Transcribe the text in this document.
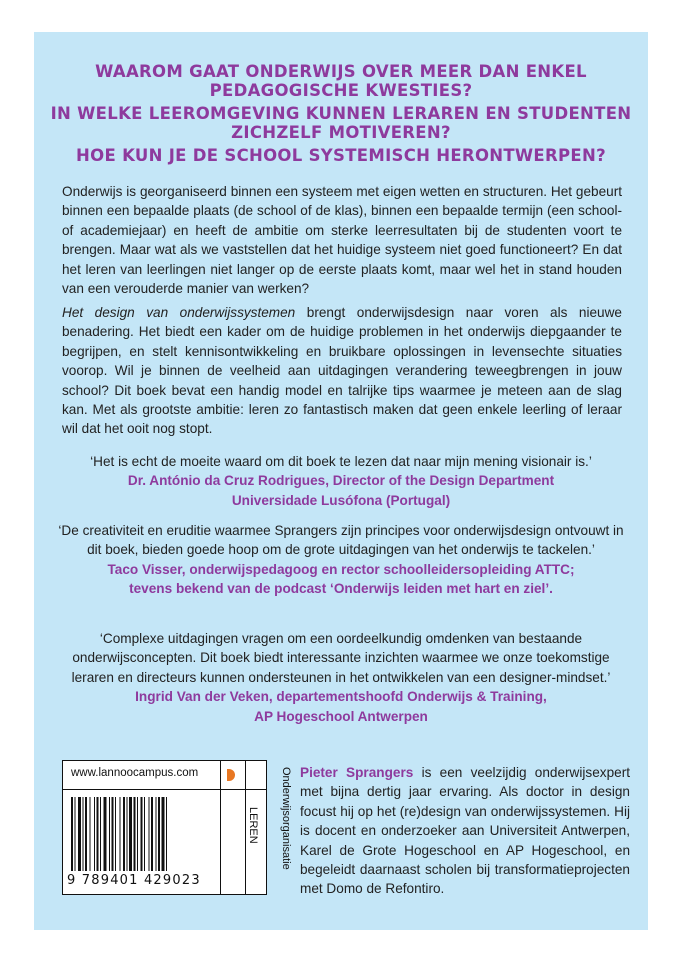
WAAROM GAAT ONDERWIJS OVER MEER DAN ENKEL PEDAGOGISCHE KWESTIES?
IN WELKE LEEROMGEVING KUNNEN LERAREN EN STUDENTEN ZICHZELF MOTIVEREN?
HOE KUN JE DE SCHOOL SYSTEMISCH HERONTWERPEN?

Onderwijs is georganiseerd binnen een systeem met eigen wetten en structuren. Het gebeurt binnen een bepaalde plaats (de school of de klas), binnen een bepaalde termijn (een school- of academiejaar) en heeft de ambitie om sterke leerresultaten bij de studenten voort te brengen. Maar wat als we vaststellen dat het huidige systeem niet goed functioneert? En dat het leren van leerlingen niet langer op de eerste plaats komt, maar wel het in stand houden van een verouderde manier van werken?

Het design van onderwijssystemen brengt onderwijsdesign naar voren als nieuwe benadering. Het biedt een kader om de huidige problemen in het onderwijs diepgaander te begrijpen, en stelt kennisontwikkeling en bruikbare oplossingen in levensechte situaties voorop. Wil je binnen de veelheid aan uitdagingen verandering teweegbrengen in jouw school? Dit boek bevat een handig model en talrijke tips waarmee je meteen aan de slag kan. Met als grootste ambitie: leren zo fantastisch maken dat geen enkele leerling of leraar wil dat het ooit nog stopt.

‘Het is echt de moeite waard om dit boek te lezen dat naar mijn mening visionair is.’
Dr. António da Cruz Rodrigues, Director of the Design Department
Universidade Lusófona (Portugal)
‘De creativiteit en eruditie waarmee Sprangers zijn principes voor onderwijsdesign ontvouwt in dit boek, bieden goede hoop om de grote uitdagingen van het onderwijs te tackelen.’
Taco Visser, onderwijspedagoog en rector schoolleidersopleiding ATTC;
tevens bekend van de podcast ‘Onderwijs leiden met hart en ziel’.
‘Complexe uitdagingen vragen om een oordeelkundig omdenken van bestaande onderwijsconcepten. Dit boek biedt interessante inzichten waarmee we onze toekomstige leraren en directeurs kunnen ondersteunen in het ontwikkelen van een designer-mindset.’
Ingrid Van der Veken, departementshoofd Onderwijs & Training,
AP Hogeschool Antwerpen
www.lannoocampus.com
9 789401 429023
LEREN Onderwijsorganisatie Pieter Sprangers is een veelzijdig onderwijsexpert met bijna dertig jaar ervaring. Als doctor in design focust hij op het (re)design van onderwijssystemen. Hij is docent en onderzoeker aan Universiteit Antwerpen, Karel de Grote Hogeschool en AP Hogeschool, en begeleidt daarnaast scholen bij transformatieprojecten met Domo de Refontiro.
